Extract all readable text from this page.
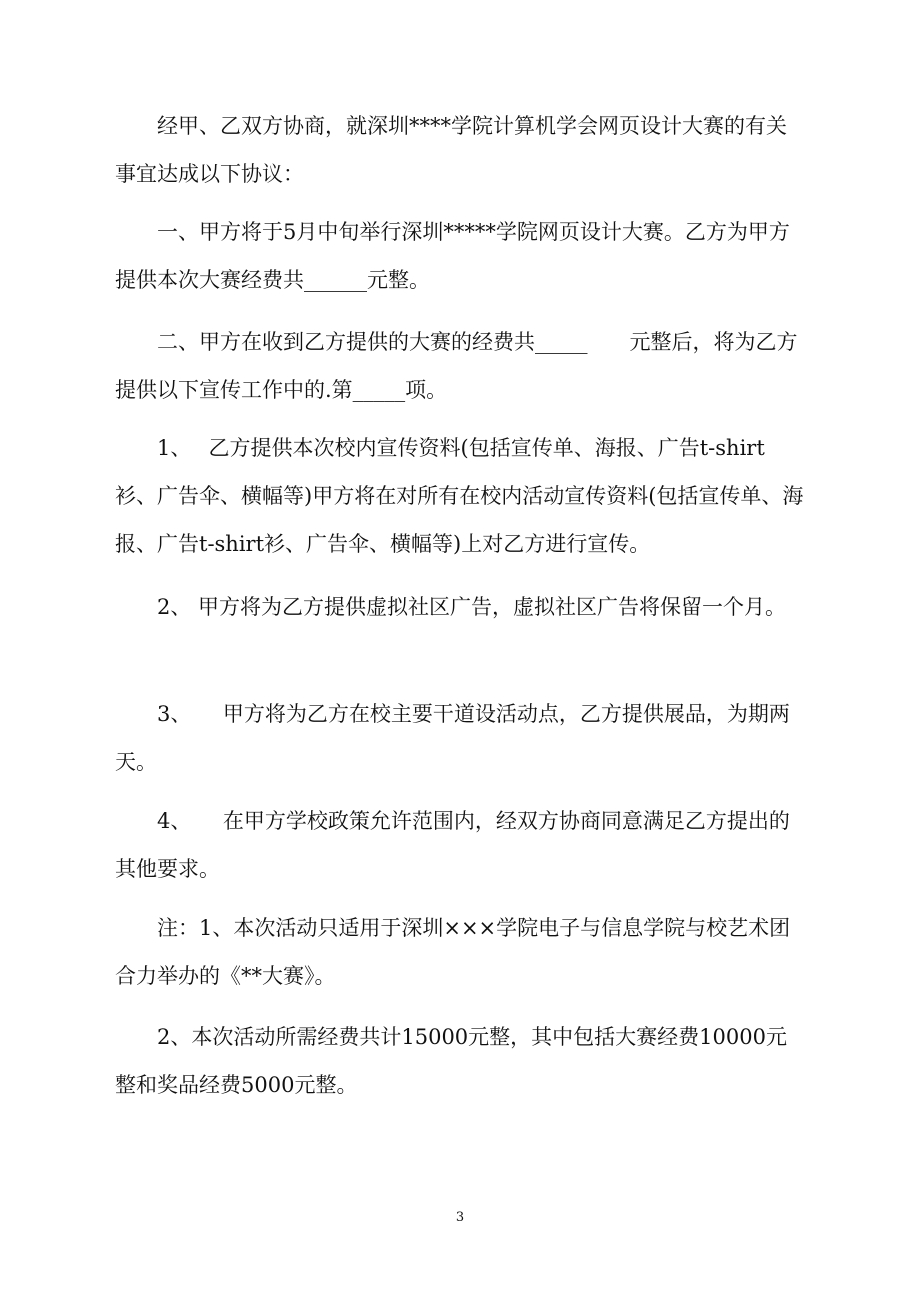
经甲、乙双方协商，就深圳****学院计算机学会网页设计大赛的有关事宜达成以下协议：

一、甲方将于5月中旬举行深圳*****学院网页设计大赛。乙方为甲方提供本次大赛经费共______元整。

二、甲方在收到乙方提供的大赛的经费共_____　　元整后，将为乙方提供以下宣传工作中的.第_____项。

1、　 乙方提供本次校内宣传资料(包括宣传单、海报、广告t-shirt衫、广告伞、横幅等)甲方将在对所有在校内活动宣传资料(包括宣传单、海报、广告t-shirt衫、广告伞、横幅等)上对乙方进行宣传。

2、 甲方将为乙方提供虚拟社区广告，虚拟社区广告将保留一个月。

3、　　甲方将为乙方在校主要干道设活动点，乙方提供展品，为期两天。

4、　　在甲方学校政策允许范围内，经双方协商同意满足乙方提出的其他要求。

注：1、本次活动只适用于深圳×××学院电子与信息学院与校艺术团合力举办的《**大赛》。

2、本次活动所需经费共计15000元整，其中包括大赛经费10000元整和奖品经费5000元整。

3
